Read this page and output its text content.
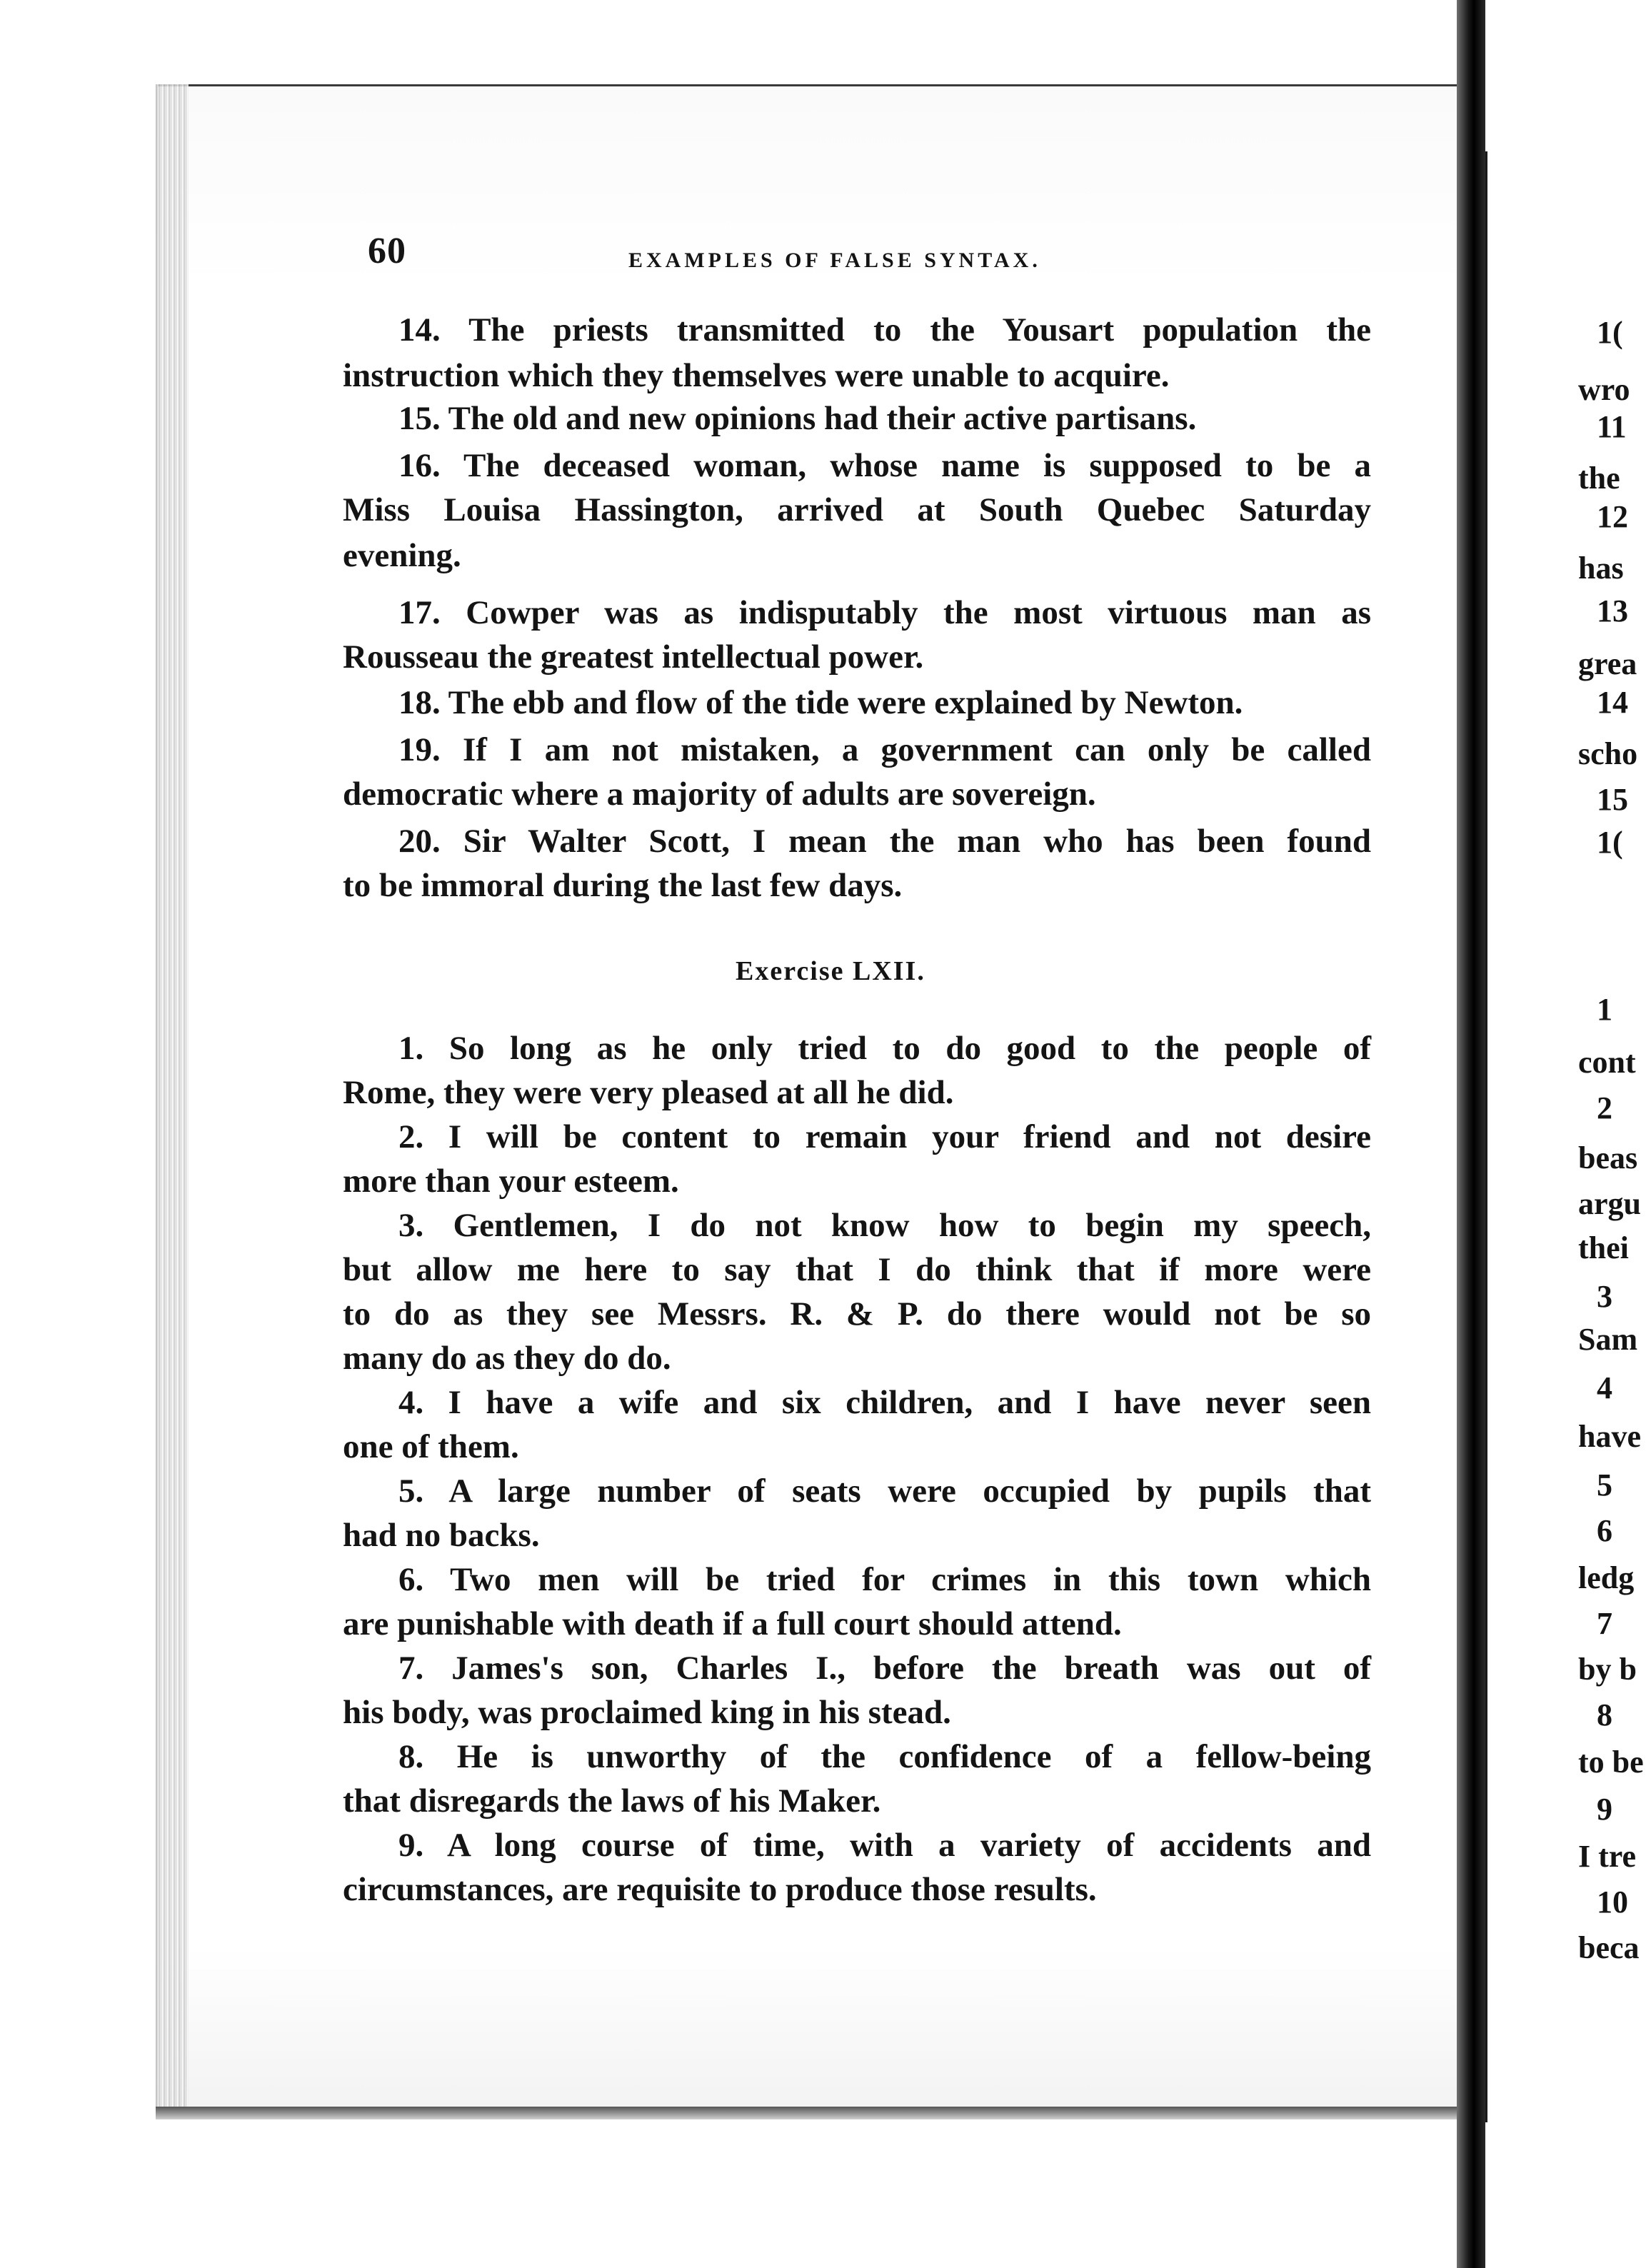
60	EXAMPLES OF FALSE SYNTAX.
14. The priests transmitted to the Yousart population the
instruction which they themselves were unable to acquire.
15. The old and new opinions had their active partisans.
16. The deceased woman, whose name is supposed to be a
Miss Louisa Hassington, arrived at South Quebec Saturday
evening.
17. Cowper was as indisputably the most virtuous man as
Rousseau the greatest intellectual power.
18. The ebb and flow of the tide were explained by Newton.
19. If I am not mistaken, a government can only be called
democratic where a majority of adults are sovereign.
20. Sir Walter Scott, I mean the man who has been found
to be immoral during the last few days.
Exercise LXII.
1. So long as he only tried to do good to the people of
Rome, they were very pleased at all he did.
2. I will be content to remain your friend and not desire
more than your esteem.
3. Gentlemen, I do not know how to begin my speech,
but allow me here to say that I do think that if more were
to do as they see Messrs. R. & P. do there would not be so
many do as they do do.
4. I have a wife and six children, and I have never seen
one of them.
5. A large number of seats were occupied by pupils that
had no backs.
6. Two men will be tried for crimes in this town which
are punishable with death if a full court should attend.
7. James's son, Charles I., before the breath was out of
his body, was proclaimed king in his stead.
8. He is unworthy of the confidence of a fellow-being
that disregards the laws of his Maker.
9. A long course of time, with a variety of accidents and
circumstances, are requisite to produce those results.
1(
wro
11
the
12
has
13
grea
14
scho
15
1(
1
cont
2
beas
argu
thei
3
Sam
4
have
5
6
ledg
7
by b
8
to be
9
I tre
10
beca
